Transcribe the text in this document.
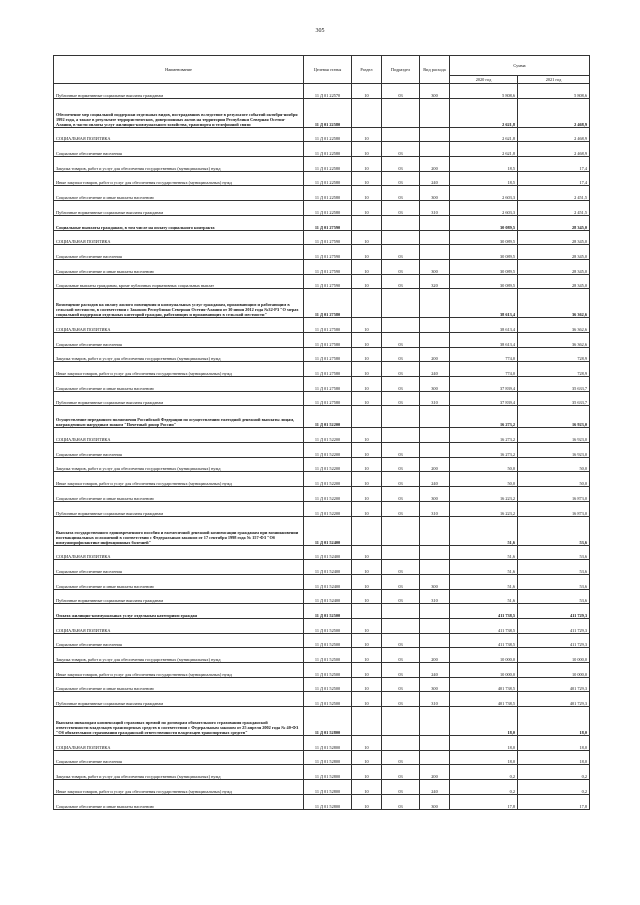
305
Наименование	Целевая статья	Раздел	Подраздел	Вид расхода	Сумма	
					2020 год	2021 год
Публичные нормативные социальные выплаты гражданам	11 Д 01 22570	10	03	300	5 808,6	5 808,6
Обеспечение мер социальной поддержки отдельных видов, пострадавших вследствие в результате событий октября-ноября 1992 года, а также в результате террористических, диверсионных актов на территории Республики Северная Осетия-Алания, в части оплаты услуг жилищно-коммунального хозяйства, транспорта и телефонной связи	11 Д 01 22580				2 621,8	2 468,9
СОЦИАЛЬНАЯ ПОЛИТИКА	11 Д 01 22580	10			2 621,8	2 468,9
Социальное обеспечение населения	11 Д 01 22580	10	03		2 621,8	2 468,9
Закупка товаров, работ и услуг для обеспечения государственных (муниципальных) нужд	11 Д 01 22580	10	03	200	18,5	17,4
Иные закупки товаров, работ и услуг для обеспечения государственных (муниципальных) нужд	11 Д 01 22580	10	03	240	18,5	17,4
Социальное обеспечение и иные выплаты населению	11 Д 01 22580	10	03	300	2 603,3	2 451,5
Публичные нормативные социальные выплаты гражданам	11 Д 01 22580	10	03	310	2 603,3	2 451,5
Социальные выплаты гражданам, в том числе на оплату социального контракта	11 Д 01 27590				30 089,5	28 345,0
СОЦИАЛЬНАЯ ПОЛИТИКА	11 Д 01 27590	10			30 089,5	28 345,0
Социальное обеспечение населения	11 Д 01 27590	10	03		30 089,5	28 345,0
Социальное обеспечение и иные выплаты населению	11 Д 01 27590	10	03	300	30 089,5	28 345,0
Социальные выплаты гражданам, кроме публичных нормативных социальных выплат	11 Д 01 27590	10	03	320	30 089,5	28 345,0
Возмещение расходов на оплату жилого помещения и коммунальных услуг гражданам, проживающим и работающим в сельской местности, в соответствии с Законом Республики Северная Осетия-Алания от 30 июня 2012 года №32-РЗ "О мерах социальной поддержки отдельных категорий граждан, работающих и проживающих в сельской местности"	11 Д 01 27580				38 613,4	36 362,6
СОЦИАЛЬНАЯ ПОЛИТИКА	11 Д 01 27580	10			38 613,4	36 362,6
Социальное обеспечение населения	11 Д 01 27580	10	03		38 613,4	36 362,6
Закупка товаров, работ и услуг для обеспечения государственных (муниципальных) нужд	11 Д 01 27580	10	03	200	774,0	728,9
Иные закупки товаров, работ и услуг для обеспечения государственных (муниципальных) нужд	11 Д 01 27580	10	03	240	774,0	728,9
Социальное обеспечение и иные выплаты населению	11 Д 01 27580	10	03	300	37 839,4	35 633,7
Публичные нормативные социальные выплаты гражданам	11 Д 01 27580	10	03	310	37 839,4	35 633,7
Осуществление переданного полномочия Российской Федерации по осуществлению ежегодной денежной выплаты лицам, награжденным нагрудным знаком "Почетный донор России"	11 Д 01 52200				16 273,2	16 923,0
СОЦИАЛЬНАЯ ПОЛИТИКА	11 Д 01 52200	10			16 273,2	16 923,0
Социальное обеспечение населения	11 Д 01 52200	10	03		16 273,2	16 923,0
Закупка товаров, работ и услуг для обеспечения государственных (муниципальных) нужд	11 Д 01 52200	10	03	200	50,0	50,0
Иные закупки товаров, работ и услуг для обеспечения государственных (муниципальных) нужд	11 Д 01 52200	10	03	240	50,0	50,0
Социальное обеспечение и иные выплаты населению	11 Д 01 52200	10	03	300	16 223,2	16 873,0
Публичные нормативные социальные выплаты гражданам	11 Д 01 52200	10	03	310	16 223,2	16 873,0
Выплата государственного единовременного пособия и ежемесячной денежной компенсации гражданам при возникновении поствакцинальных осложнений в соответствии с Федеральным законом от 17 сентября 1998 года № 157-ФЗ "Об иммунопрофилактике инфекционных болезней"	11 Д 01 52400				51,6	53,6
СОЦИАЛЬНАЯ ПОЛИТИКА	11 Д 01 52400	10			51,6	53,6
Социальное обеспечение населения	11 Д 01 52400	10	03		51,6	53,6
Социальное обеспечение и иные выплаты населению	11 Д 01 52400	10	03	300	51,6	53,6
Публичные нормативные социальные выплаты гражданам	11 Д 01 52400	10	03	310	51,6	53,6
Оплата жилищно-коммунальных услуг отдельным категориям граждан	11 Д 01 52500				411 738,5	411 729,3
СОЦИАЛЬНАЯ ПОЛИТИКА	11 Д 01 52500	10			411 738,5	411 729,3
Социальное обеспечение населения	11 Д 01 52500	10	03		411 738,5	411 729,3
Закупка товаров, работ и услуг для обеспечения государственных (муниципальных) нужд	11 Д 01 52500	10	03	200	10 000,0	10 000,0
Иные закупки товаров, работ и услуг для обеспечения государственных (муниципальных) нужд	11 Д 01 52500	10	03	240	10 000,0	10 000,0
Социальное обеспечение и иные выплаты населению	11 Д 01 52500	10	03	300	401 738,5	401 729,3
Публичные нормативные социальные выплаты гражданам	11 Д 01 52500	10	03	310	401 738,5	401 729,3
Выплата инвалидам компенсаций страховых премий по договорам обязательного страхования гражданской ответственности владельцев транспортных средств в соответствии с Федеральным законом от 25 апреля 2002 года № 40-ФЗ "Об обязательном страховании гражданской ответственности владельцев транспортных средств"	11 Д 01 52800				18,0	18,0
СОЦИАЛЬНАЯ ПОЛИТИКА	11 Д 01 52800	10			18,0	18,0
Социальное обеспечение населения	11 Д 01 52800	10	03		18,0	18,0
Закупка товаров, работ и услуг для обеспечения государственных (муниципальных) нужд	11 Д 01 52800	10	03	200	0,2	0,2
Иные закупки товаров, работ и услуг для обеспечения государственных (муниципальных) нужд	11 Д 01 52800	10	03	240	0,2	0,2
Социальное обеспечение и иные выплаты населению	11 Д 01 52800	10	03	300	17,8	17,8
